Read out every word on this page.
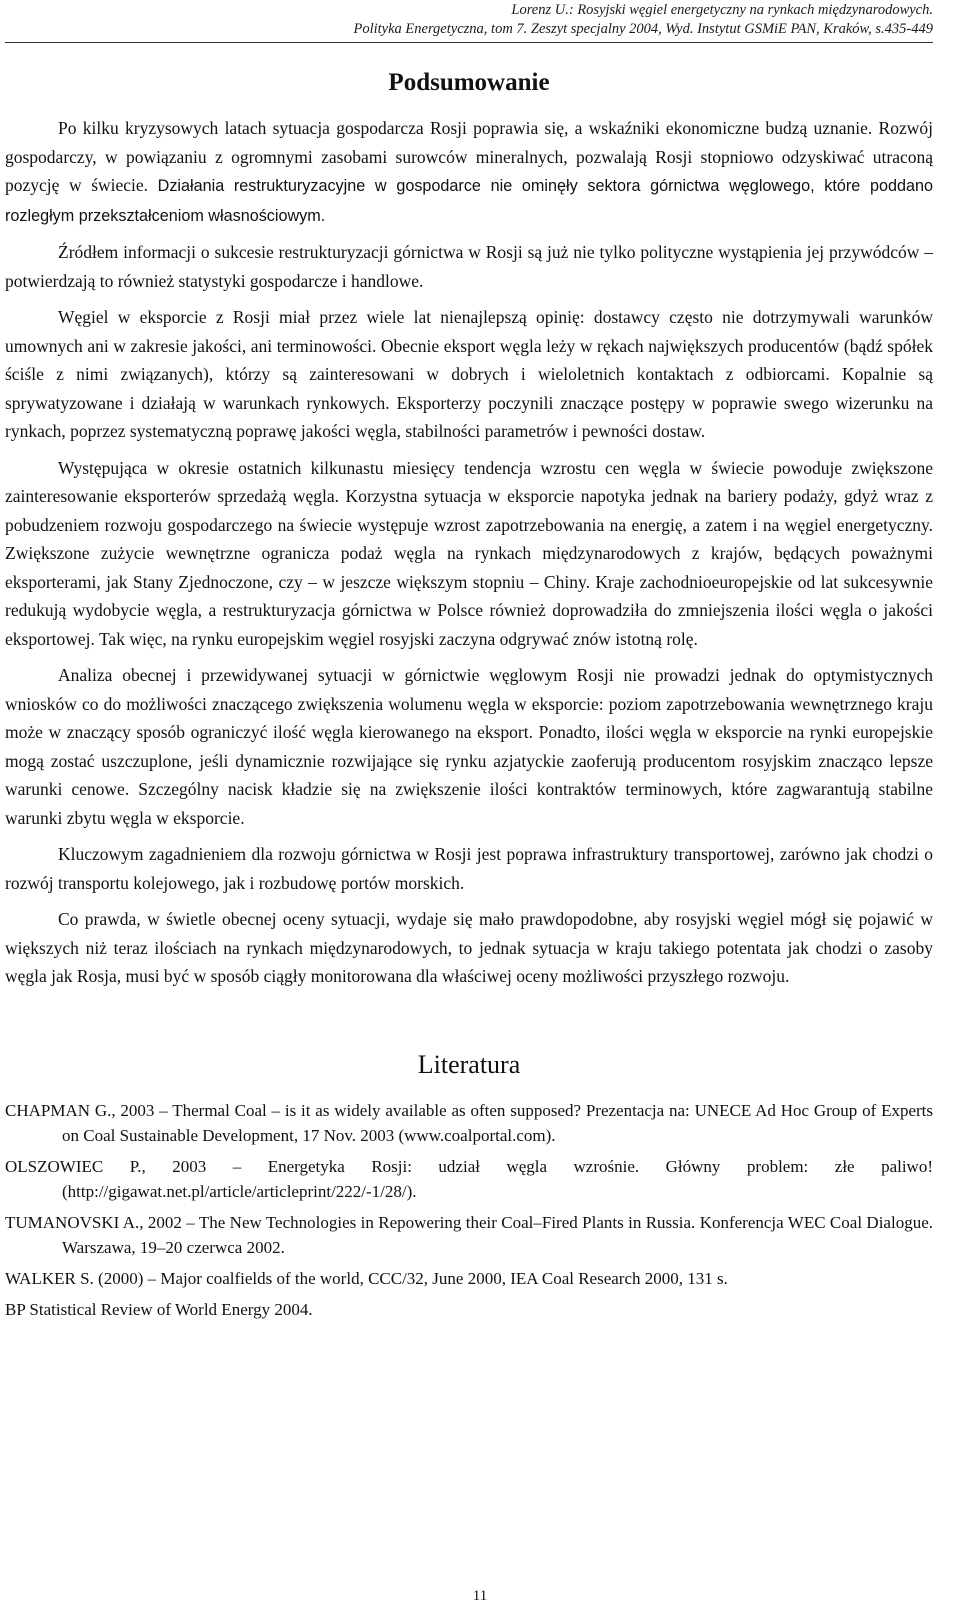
Lorenz U.: Rosyjski węgiel energetyczny na rynkach międzynarodowych.
Polityka Energetyczna, tom 7. Zeszyt specjalny 2004, Wyd. Instytut GSMiE PAN, Kraków, s.435-449
Podsumowanie

Po kilku kryzysowych latach sytuacja gospodarcza Rosji poprawia się, a wskaźniki ekonomiczne budzą uznanie. Rozwój gospodarczy, w powiązaniu z ogromnymi zasobami surowców mineralnych, pozwalają Rosji stopniowo odzyskiwać utraconą pozycję w świecie. Działania restrukturyzacyjne w gospodarce nie ominęły sektora górnictwa węglowego, które poddano rozległym przekształceniom własnościowym.

Źródłem informacji o sukcesie restrukturyzacji górnictwa w Rosji są już nie tylko polityczne wystąpienia jej przywódców – potwierdzają to również statystyki gospodarcze i handlowe.

Węgiel w eksporcie z Rosji miał przez wiele lat nienajlepszą opinię: dostawcy często nie dotrzymywali warunków umownych ani w zakresie jakości, ani terminowości. Obecnie eksport węgla leży w rękach największych producentów (bądź spółek ściśle z nimi związanych), którzy są zainteresowani w dobrych i wieloletnich kontaktach z odbiorcami. Kopalnie są sprywatyzowane i działają w warunkach rynkowych. Eksporterzy poczynili znaczące postępy w poprawie swego wizerunku na rynkach, poprzez systematyczną poprawę jakości węgla, stabilności parametrów i pewności dostaw.

Występująca w okresie ostatnich kilkunastu miesięcy tendencja wzrostu cen węgla w świecie powoduje zwiększone zainteresowanie eksporterów sprzedażą węgla. Korzystna sytuacja w eksporcie napotyka jednak na bariery podaży, gdyż wraz z pobudzeniem rozwoju gospodarczego na świecie występuje wzrost zapotrzebowania na energię, a zatem i na węgiel energetyczny. Zwiększone zużycie wewnętrzne ogranicza podaż węgla na rynkach międzynarodowych z krajów, będących poważnymi eksporterami, jak Stany Zjednoczone, czy – w jeszcze większym stopniu – Chiny. Kraje zachodnioeuropejskie od lat sukcesywnie redukują wydobycie węgla, a restrukturyzacja górnictwa w Polsce również doprowadziła do zmniejszenia ilości węgla o jakości eksportowej. Tak więc, na rynku europejskim węgiel rosyjski zaczyna odgrywać znów istotną rolę.

Analiza obecnej i przewidywanej sytuacji w górnictwie węglowym Rosji nie prowadzi jednak do optymistycznych wniosków co do możliwości znaczącego zwiększenia wolumenu węgla w eksporcie: poziom zapotrzebowania wewnętrznego kraju może w znaczący sposób ograniczyć ilość węgla kierowanego na eksport. Ponadto, ilości węgla w eksporcie na rynki europejskie mogą zostać uszczuplone, jeśli dynamicznie rozwijające się rynku azjatyckie zaoferują producentom rosyjskim znacząco lepsze warunki cenowe. Szczególny nacisk kładzie się na zwiększenie ilości kontraktów terminowych, które zagwarantują stabilne warunki zbytu węgla w eksporcie.

Kluczowym zagadnieniem dla rozwoju górnictwa w Rosji jest poprawa infrastruktury transportowej, zarówno jak chodzi o rozwój transportu kolejowego, jak i rozbudowę portów morskich.

Co prawda, w świetle obecnej oceny sytuacji, wydaje się mało prawdopodobne, aby rosyjski węgiel mógł się pojawić w większych niż teraz ilościach na rynkach międzynarodowych, to jednak sytuacja w kraju takiego potentata jak chodzi o zasoby węgla jak Rosja, musi być w sposób ciągły monitorowana dla właściwej oceny możliwości przyszłego rozwoju.

Literatura

CHAPMAN G., 2003 – Thermal Coal – is it as widely available as often supposed? Prezentacja na: UNECE Ad Hoc Group of Experts on Coal Sustainable Development, 17 Nov. 2003 (www.coalportal.com).

OLSZOWIEC P., 2003 – Energetyka Rosji: udział węgla wzrośnie. Główny problem: złe paliwo! (http://gigawat.net.pl/article/articleprint/222/-1/28/).

TUMANOVSKI A., 2002 – The New Technologies in Repowering their Coal–Fired Plants in Russia. Konferencja WEC Coal Dialogue. Warszawa, 19–20 czerwca 2002.

WALKER S. (2000) – Major coalfields of the world, CCC/32, June 2000, IEA Coal Research 2000, 131 s.

BP Statistical Review of World Energy 2004.

11
